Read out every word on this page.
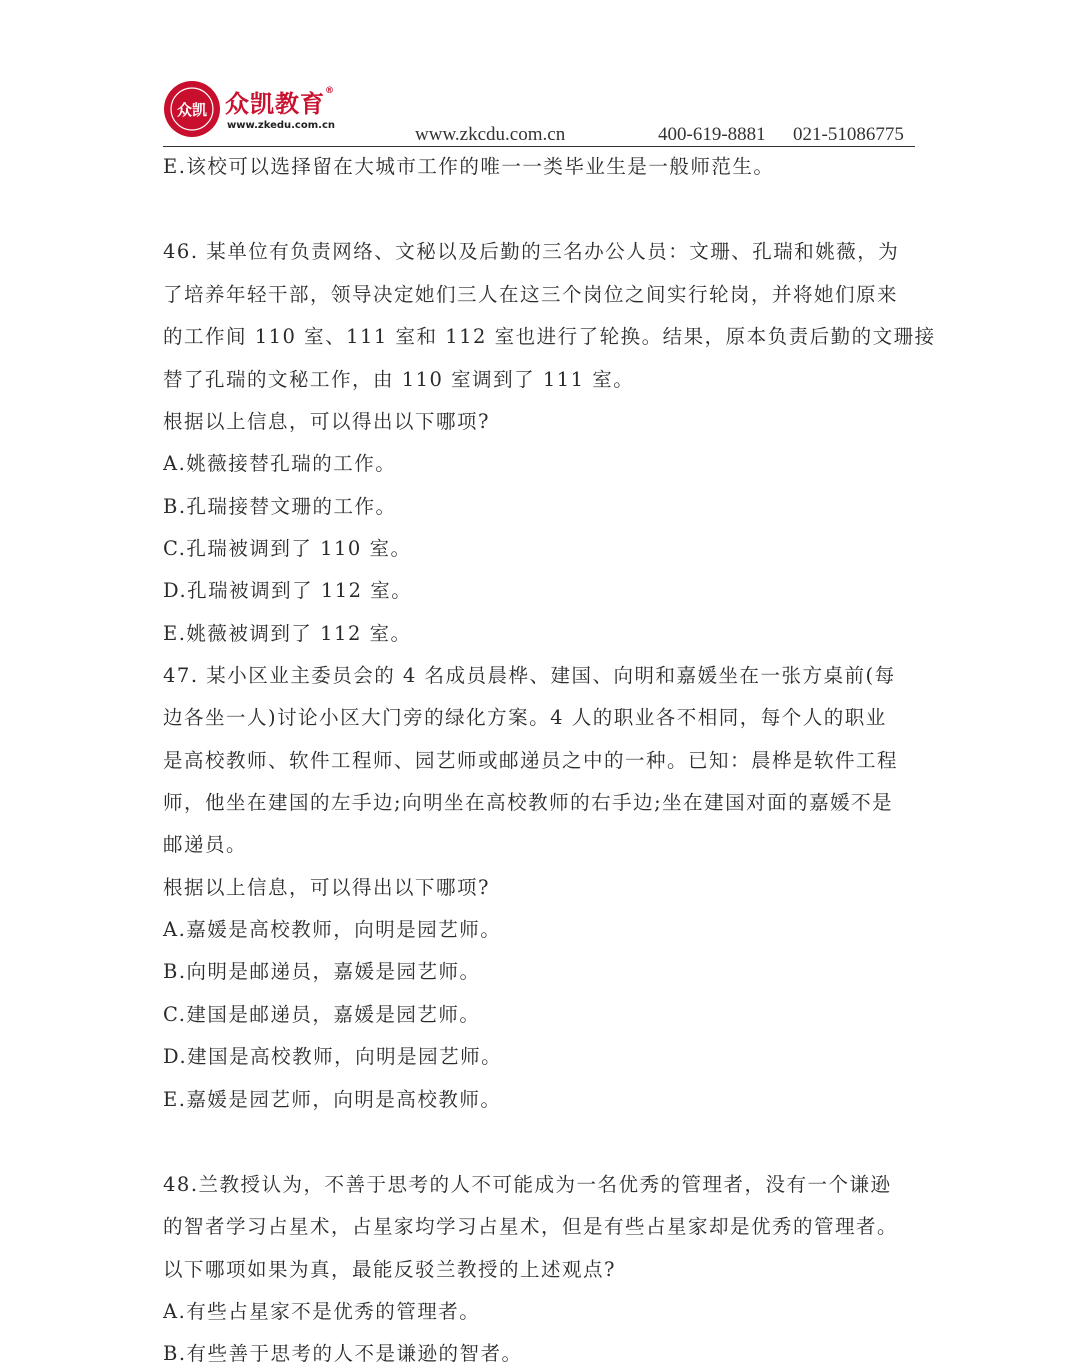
众凯 众凯教育®
www.zkedu.com.cn	www.zkcdu.com.cn	400-619-8881 021-51086775
E.该校可以选择留在大城市工作的唯一一类毕业生是一般师范生。
46. 某单位有负责网络、文秘以及后勤的三名办公人员：文珊、孔瑞和姚薇，为
了培养年轻干部，领导决定她们三人在这三个岗位之间实行轮岗，并将她们原来
的工作间 110 室、111 室和 112 室也进行了轮换。结果，原本负责后勤的文珊接
替了孔瑞的文秘工作，由 110 室调到了 111 室。
根据以上信息，可以得出以下哪项?
A.姚薇接替孔瑞的工作。
B.孔瑞接替文珊的工作。
C.孔瑞被调到了 110 室。
D.孔瑞被调到了 112 室。
E.姚薇被调到了 112 室。
47. 某小区业主委员会的 4 名成员晨桦、建国、向明和嘉媛坐在一张方桌前(每
边各坐一人)讨论小区大门旁的绿化方案。4 人的职业各不相同，每个人的职业
是高校教师、软件工程师、园艺师或邮递员之中的一种。已知：晨桦是软件工程
师，他坐在建国的左手边;向明坐在高校教师的右手边;坐在建国对面的嘉媛不是
邮递员。
根据以上信息，可以得出以下哪项?
A.嘉媛是高校教师，向明是园艺师。
B.向明是邮递员，嘉媛是园艺师。
C.建国是邮递员，嘉媛是园艺师。
D.建国是高校教师，向明是园艺师。
E.嘉媛是园艺师，向明是高校教师。
48.兰教授认为，不善于思考的人不可能成为一名优秀的管理者，没有一个谦逊
的智者学习占星术，占星家均学习占星术，但是有些占星家却是优秀的管理者。
以下哪项如果为真，最能反驳兰教授的上述观点?
A.有些占星家不是优秀的管理者。
B.有些善于思考的人不是谦逊的智者。
